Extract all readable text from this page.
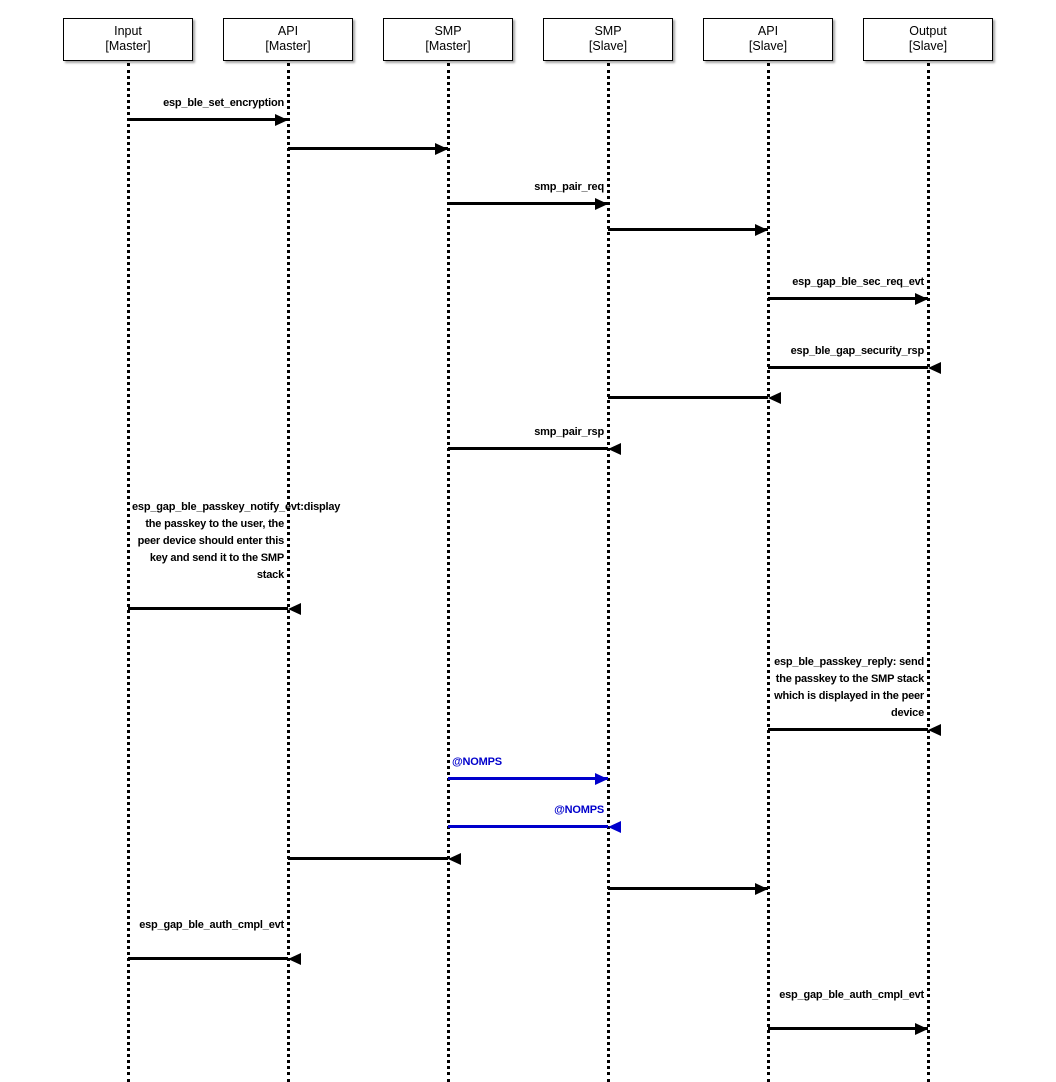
Input
[Master]
API
[Master]
SMP
[Master]
SMP
[Slave]
API
[Slave]
Output
[Slave]
esp_ble_set_encryption
smp_pair_req
esp_gap_ble_sec_req_evt
esp_ble_gap_security_rsp
smp_pair_rsp
esp_gap_ble_passkey_notify_evt:display the passkey to the user, the peer device should enter this key and send it to the SMP stack
esp_ble_passkey_reply: send the passkey to the SMP stack which is displayed in the peer device
@NOMPS
@NOMPS
esp_gap_ble_auth_cmpl_evt
esp_gap_ble_auth_cmpl_evt
